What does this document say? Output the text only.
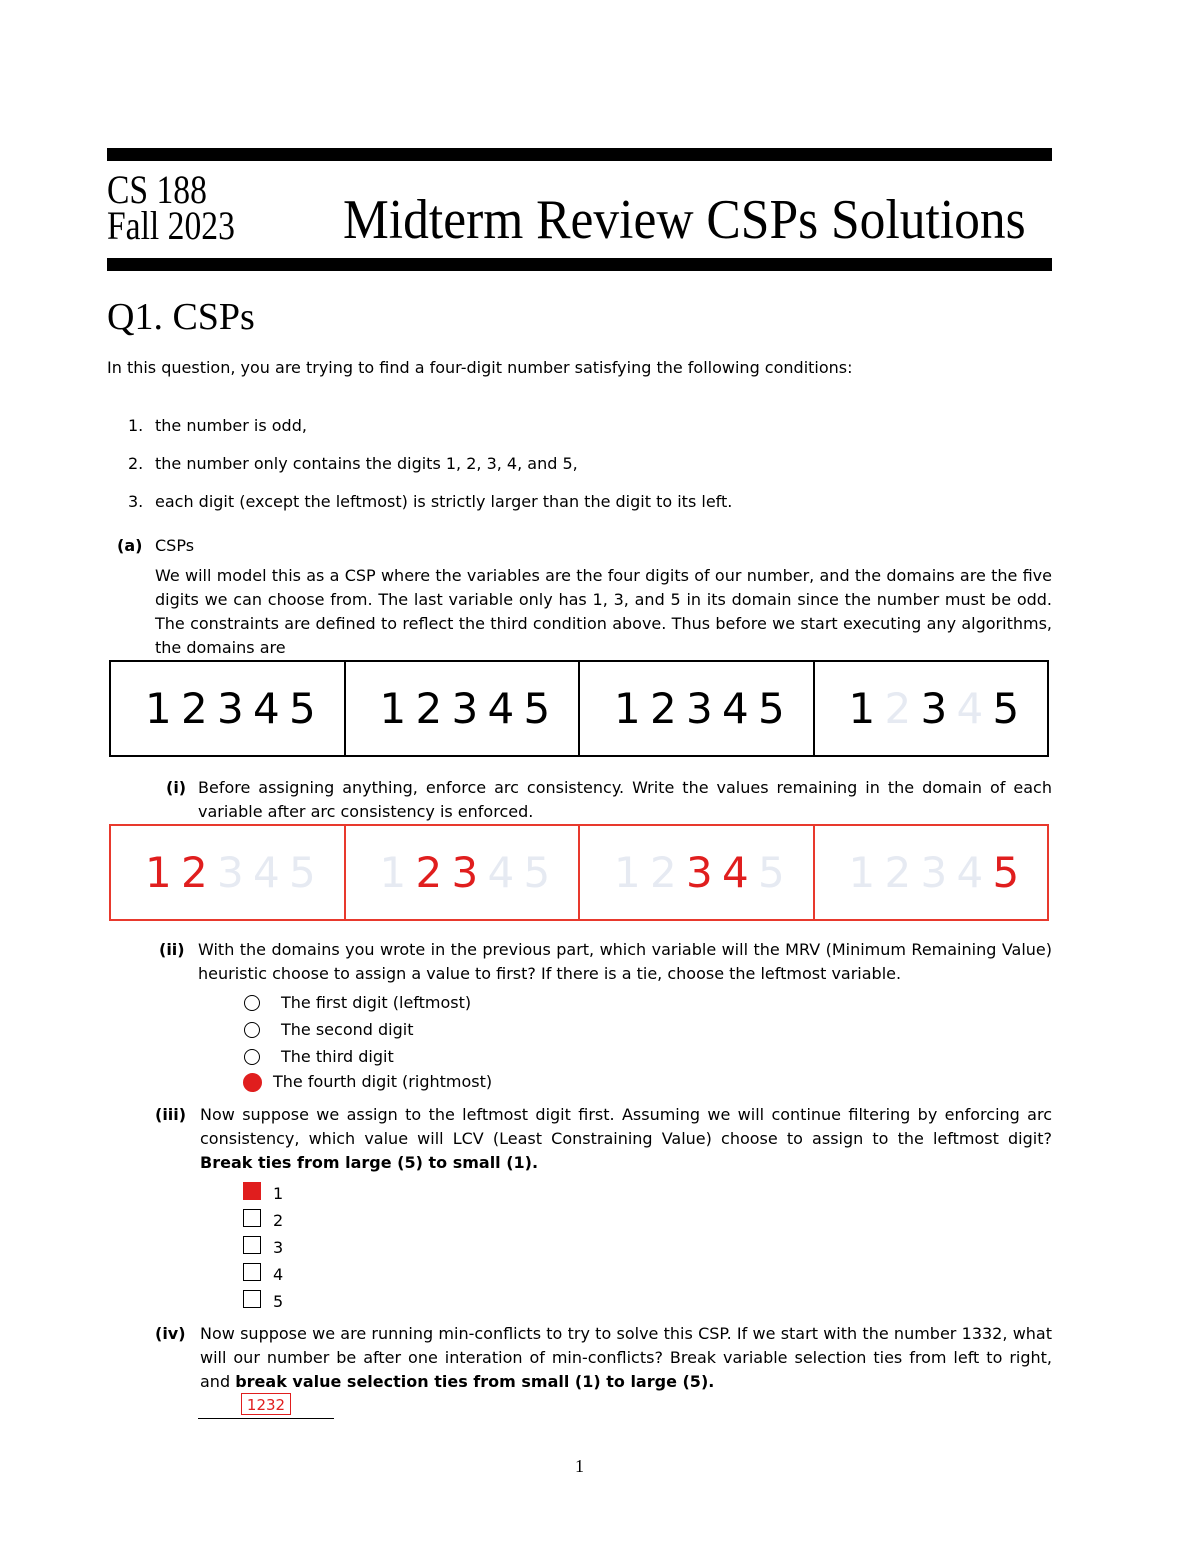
CS 188
Fall 2023 Midterm Review CSPs Solutions
Q1. CSPs
In this question, you are trying to find a four-digit number satisfying the following conditions:
1. the number is odd,
2. the number only contains the digits 1, 2, 3, 4, and 5,
3. each digit (except the leftmost) is strictly larger than the digit to its left.
(a) CSPs
We will model this as a CSP where the variables are the four digits of our number, and the domains are the five digits we can choose from. The last variable only has 1, 3, and 5 in its domain since the number must be odd. The constraints are defined to reflect the third condition above. Thus before we start executing any algorithms, the domains are
1 2 3 4 5 1 2 3 4 5 1 2 3 4 5 1 2 3 4 5
(i) Before assigning anything, enforce arc consistency. Write the values remaining in the domain of each variable after arc consistency is enforced.
1 2 3 4 5 1 2 3 4 5 1 2 3 4 5 1 2 3 4 5
(ii) With the domains you wrote in the previous part, which variable will the MRV (Minimum Remaining Value) heuristic choose to assign a value to first? If there is a tie, choose the leftmost variable.
The first digit (leftmost)
The second digit
The third digit
The fourth digit (rightmost)
(iii) Now suppose we assign to the leftmost digit first. Assuming we will continue filtering by enforcing arc consistency, which value will LCV (Least Constraining Value) choose to assign to the leftmost digit? Break ties from large (5) to small (1).
1
2
3
4
5
(iv) Now suppose we are running min-conflicts to try to solve this CSP. If we start with the number 1332, what will our number be after one interation of min-conflicts? Break variable selection ties from left to right, and break value selection ties from small (1) to large (5).
1232
1
